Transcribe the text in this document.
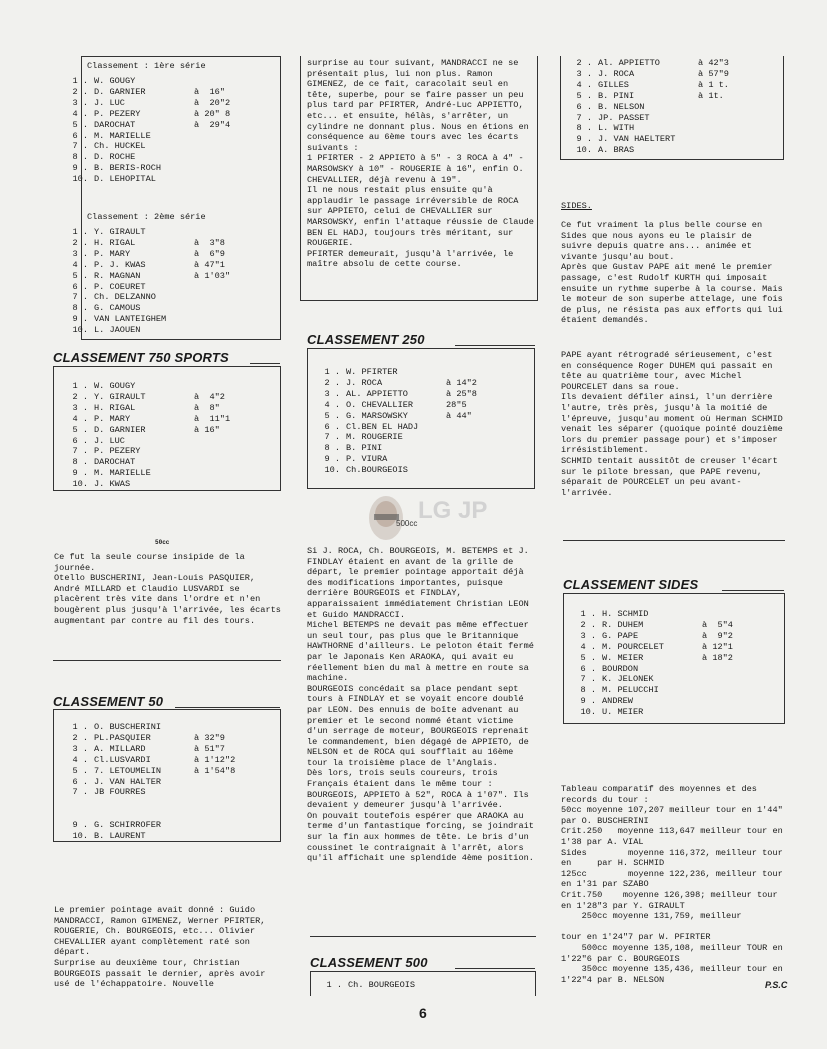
Classement : 1ère série
1 . W. GOUGY
2 . D. GARNIER	à  16"
3 . J. LUC	à  20"2
4 . P. PEZERY	à 20" 8
5 . DAROCHAT	à  29"4
6 . M. MARIELLE
7 . Ch. HUCKEL
8 . D. ROCHE
9 . B. BERIS-ROCH
10. D. LEHOPITAL
Classement : 2ème série
1 . Y. GIRAULT
2 . H. RIGAL	à  3"8
3 . P. MARY	à  6"9
4 . P. J. KWAS	à 47"1
5 . R. MAGNAN	à 1'03"
6 . P. COEURET
7 . Ch. DELZANNO
8 . G. CAMOUS
9 . VAN LANTEIGHEM
10. L. JAOUEN
CLASSEMENT 750 SPORTS
1 . W. GOUGY
2 . Y. GIRAULT	à  4"2
3 . H. RIGAL	à  8"
4 . P. MARY	à  11"1
5 . D. GARNIER	à 16"
6 . J. LUC
7 . P. PEZERY
8 . DAROCHAT
9 . M. MARIELLE
10. J. KWAS
50cc
Ce fut la seule course insipide de la journée.
Otello BUSCHERINI, Jean-Louis PASQUIER, André MILLARD et Claudio LUSVARDI se placèrent très vite dans l'ordre et n'en bougèrent plus jusqu'à l'arrivée, les écarts augmentant par contre au fil des tours.
CLASSEMENT 50
1 . O. BUSCHERINI
2 . PL.PASQUIER	à 32"9
3 . A. MILLARD	à 51"7
4 . Cl.LUSVARDI	à 1'12"2
5 . 7. LETOUMELIN	à 1'54"8
6 . J. VAN HALTER
7 . JB FOURRES
9 . G. SCHIRROFER
10. B. LAURENT
Le premier pointage avait donné : Guido MANDRACCI, Ramon GIMENEZ, Werner PFIRTER, ROUGERIE, Ch. BOURGEOIS, etc... Olivier CHEVALLIER ayant complètement raté son départ.
Surprise au deuxième tour, Christian BOURGEOIS passait le dernier, après avoir usé de l'échappatoire. Nouvelle
surprise au tour suivant, MANDRACCI ne se présentait plus, lui non plus. Ramon GIMENEZ, de ce fait, caracolait seul en tête, superbe, pour se faire passer un peu plus tard par PFIRTER, André-Luc APPIETTO, etc... et ensuite, hélàs, s'arrêter, un cylindre ne donnant plus. Nous en étions en conséquence au 6ème tours avec les écarts suivants :
1 PFIRTER - 2 APPIETO à 5" - 3 ROCA à 4" - MARSOWSKY à 10" - ROUGERIE à 16", enfin O. CHEVALLIER, déjà revenu à 19".
Il ne nous restait plus ensuite qu'à applaudir le passage irréversible de ROCA sur APPIETO, celui de CHEVALLIER sur MARSOWSKY, enfin l'attaque réussie de Claude BEN EL HADJ, toujours très méritant, sur ROUGERIE.
PFIRTER demeurait, jusqu'à l'arrivée, le maître absolu de cette course.
CLASSEMENT 250
1 . W. PFIRTER
2 . J. ROCA	à 14"2
3 . AL. APPIETTO	à 25"8
4 . O. CHEVALLIER	28"5
5 . G. MARSOWSKY	à 44"
6 . Cl.BEN EL HADJ
7 . M. ROUGERIE
8 . B. PINI
9 . P. VIURA
10. Ch.BOURGEOIS
LG JP
500cc
Si J. ROCA, Ch. BOURGEOIS, M. BETEMPS et J. FINDLAY étaient en avant de la grille de départ, le premier pointage apportait déjà des modifications importantes, puisque derrière BOURGEOIS et FINDLAY, apparaissaient immédiatement Christian LEON et Guido MANDRACCI.
Michel BETEMPS ne devait pas même effectuer un seul tour, pas plus que le Britannique HAWTHORNE d'ailleurs. Le peloton était fermé par le Japonais Ken ARAOKA, qui avait eu réellement bien du mal à mettre en route sa machine.
BOURGEOIS concédait sa place pendant sept tours à FINDLAY et se voyait encore doublé par LEON. Des ennuis de boîte advenant au premier et le second nommé étant victime d'un serrage de moteur, BOURGEOIS reprenait le commandement, bien dégagé de APPIETO, de NELSON et de ROCA qui soufflait au 16ème tour la troisième place de l'Anglais.
Dès lors, trois seuls coureurs, trois Français étaient dans le même tour : BOURGEOIS, APPIETO à 52", ROCA à 1'07". Ils devaient y demeurer jusqu'à l'arrivée.
On pouvait toutefois espérer que ARAOKA au terme d'un fantastique forcing, se joindrait sur la fin aux hommes de tête. Le bris d'un coussinet le contraignait à l'arrêt, alors qu'il affichait une splendide 4ème position.
CLASSEMENT 500
1 . Ch. BOURGEOIS
2 . Al. APPIETTO	à 42"3
3 . J. ROCA	à 57"9
4 . GILLES	à 1 t.
5 . B. PINI	à 1t.
6 . B. NELSON
7 . JP. PASSET
8 . L. WITH
9 . J. VAN HAELTERT
10. A. BRAS
SIDES.
Ce fut vraiment la plus belle course en Sides que nous ayons eu le plaisir de suivre depuis quatre ans... animée et vivante jusqu'au bout.
Après que Gustav PAPE ait mené le premier passage, c'est Rudolf KURTH qui imposait ensuite un rythme superbe à la course. Mais le moteur de son superbe attelage, une fois de plus, ne résista pas aux efforts qui lui étaient demandés.
PAPE ayant rétrogradé sérieusement, c'est en conséquence Roger DUHEM qui passait en tête au quatrième tour, avec Michel POURCELET dans sa roue.
Ils devaient défiler ainsi, l'un derrière l'autre, très près, jusqu'à la moitié de l'épreuve, jusqu'au moment où Herman SCHMID venait les séparer (quoique pointé douzième lors du premier passage pour) et s'imposer irrésistiblement.
SCHMID tentait aussitôt de creuser l'écart sur le pilote bressan, que PAPE revenu, séparait de POURCELET un peu avant-l'arrivée.
CLASSEMENT SIDES
1 . H. SCHMID
2 . R. DUHEM	à  5"4
3 . G. PAPE	à  9"2
4 . M. POURCELET	à 12"1
5 . W. MEIER	à 18"2
6 . BOURDON
7 . K. JELONEK
8 . M. PELUCCHI
9 . ANDREW
10. U. MEIER
Tableau comparatif des moyennes et des records du tour :
50cc moyenne 107,207 meilleur tour en 1'44" par O. BUSCHERINI
Crit.250   moyenne 113,647 meilleur tour en 1'38 par A. VIAL
Sides        moyenne 116,372, meilleur tour en     par H. SCHMID
125cc        moyenne 122,236, meilleur tour en 1'31 par SZABO
Crit.750    moyenne 126,398; meilleur tour en 1'28"3 par Y. GIRAULT
250cc moyenne 131,759, meilleur

tour en 1'24"7 par W. PFIRTER
500cc moyenne 135,108, meilleur TOUR en 1'22"6 par C. BOURGEOIS
350cc moyenne 135,436, meilleur tour en 1'22"4 par B. NELSON
P.S.C
6
